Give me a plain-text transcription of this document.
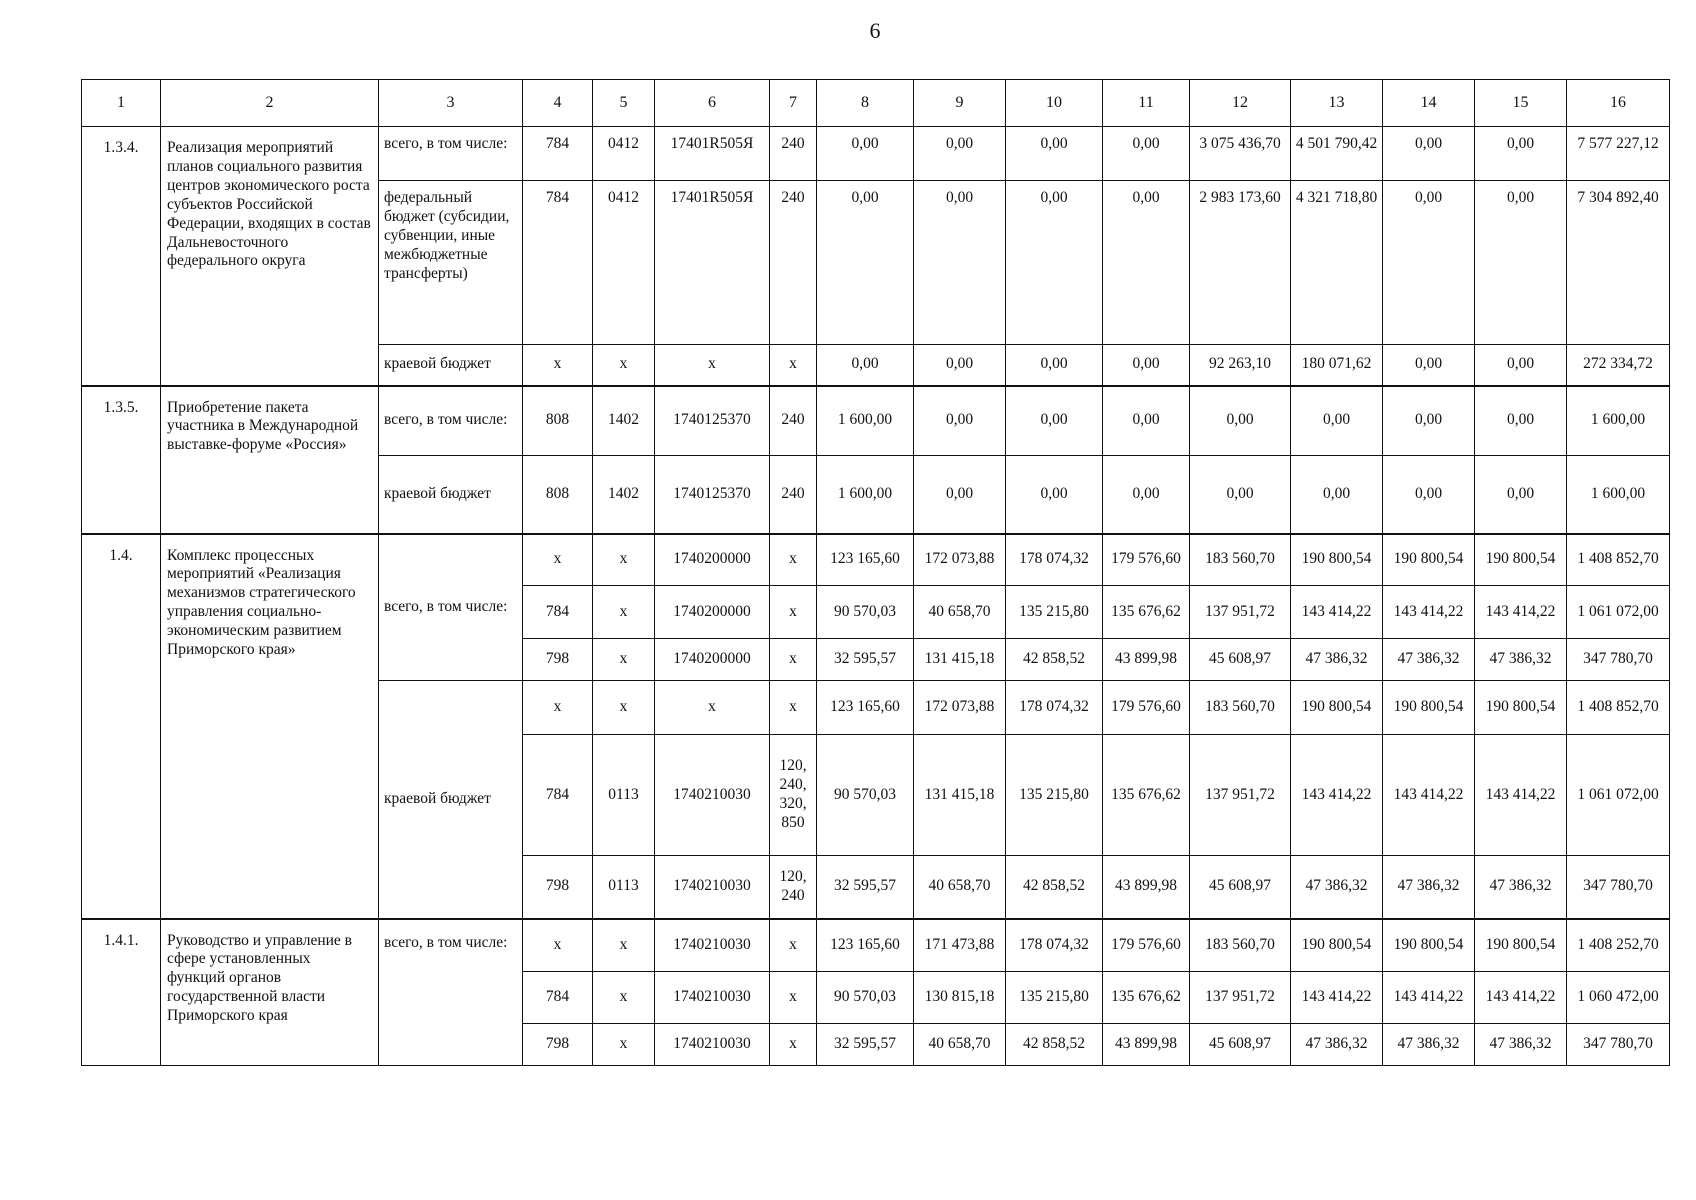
6
1	2	3	4	5	6	7	8	9	10	11	12	13	14	15	16
1.3.4.	Реализация мероприятий планов социального развития центров экономического роста субъектов Российской Федерации, входящих в состав Дальневосточного федерального округа	всего, в том числе:	784	0412	17401R505Я	240	0,00	0,00	0,00	0,00	3 075 436,70	4 501 790,42	0,00	0,00	7 577 227,12
		федеральный бюджет (субсидии, субвенции, иные межбюджетные трансферты)	784	0412	17401R505Я	240	0,00	0,00	0,00	0,00	2 983 173,60	4 321 718,80	0,00	0,00	7 304 892,40
		краевой бюджет	х	х	х	х	0,00	0,00	0,00	0,00	92 263,10	180 071,62	0,00	0,00	272 334,72
1.3.5.	Приобретение пакета участника в Международной выставке-форуме «Россия»	всего, в том числе:	808	1402	1740125370	240	1 600,00	0,00	0,00	0,00	0,00	0,00	0,00	0,00	1 600,00
		краевой бюджет	808	1402	1740125370	240	1 600,00	0,00	0,00	0,00	0,00	0,00	0,00	0,00	1 600,00
1.4.	Комплекс процессных мероприятий «Реализация механизмов стратегического управления социально-экономическим развитием Приморского края»	всего, в том числе:	х	х	1740200000	х	123 165,60	172 073,88	178 074,32	179 576,60	183 560,70	190 800,54	190 800,54	190 800,54	1 408 852,70
			784	х	1740200000	х	90 570,03	40 658,70	135 215,80	135 676,62	137 951,72	143 414,22	143 414,22	143 414,22	1 061 072,00
			798	х	1740200000	х	32 595,57	131 415,18	42 858,52	43 899,98	45 608,97	47 386,32	47 386,32	47 386,32	347 780,70
		краевой бюджет	х	х	х	х	123 165,60	172 073,88	178 074,32	179 576,60	183 560,70	190 800,54	190 800,54	190 800,54	1 408 852,70
			784	0113	1740210030	120, 240, 320, 850	90 570,03	131 415,18	135 215,80	135 676,62	137 951,72	143 414,22	143 414,22	143 414,22	1 061 072,00
			798	0113	1740210030	120, 240	32 595,57	40 658,70	42 858,52	43 899,98	45 608,97	47 386,32	47 386,32	47 386,32	347 780,70
1.4.1.	Руководство и управление в сфере установленных функций органов государственной власти Приморского края	всего, в том числе:	х	х	1740210030	х	123 165,60	171 473,88	178 074,32	179 576,60	183 560,70	190 800,54	190 800,54	190 800,54	1 408 252,70
			784	х	1740210030	х	90 570,03	130 815,18	135 215,80	135 676,62	137 951,72	143 414,22	143 414,22	143 414,22	1 060 472,00
			798	х	1740210030	х	32 595,57	40 658,70	42 858,52	43 899,98	45 608,97	47 386,32	47 386,32	47 386,32	347 780,70
